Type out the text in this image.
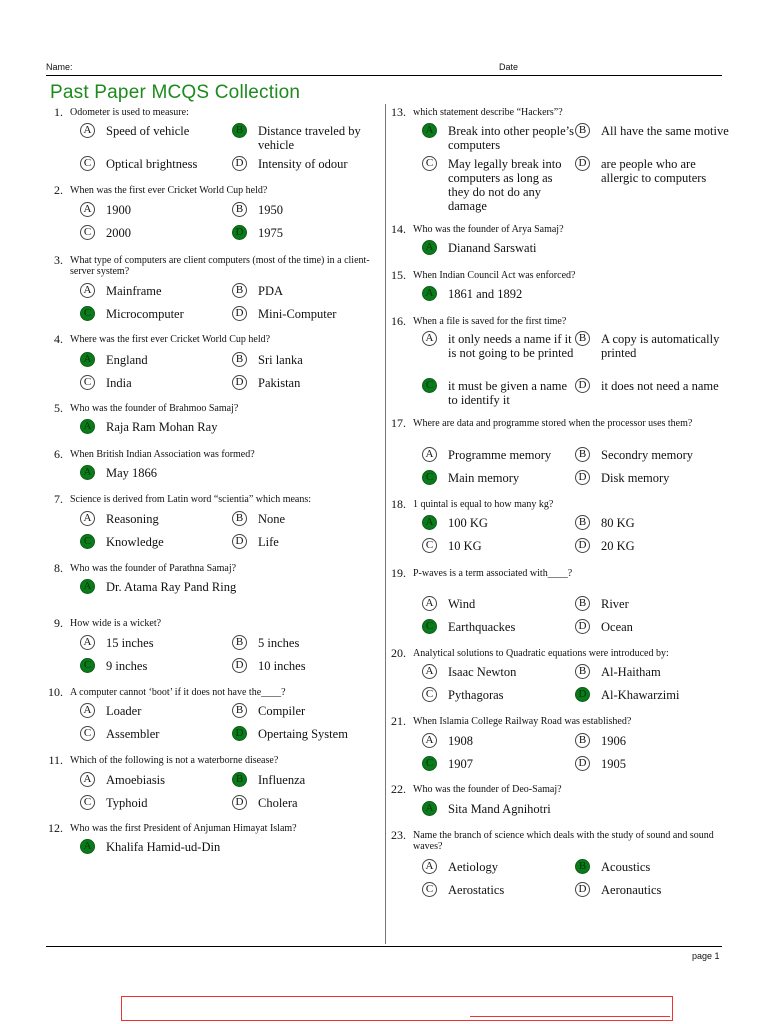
Name:	Date
Past Paper MCQS Collection
1. Odometer is used to measure:
A Speed of vehicle	B	Distance traveled by vehicle
C	Optical brightness	D Intensity of odour
2. When was the first ever Cricket World Cup held?
A 1900	B	1950
C	2000	D 1975
3. What type of computers are client computers (most of the time) in a client-server system?
A Mainframe	B	PDA
C	Microcomputer	D Mini-Computer
4. Where was the first ever Cricket World Cup held?
A England	B	Sri lanka
C	India	D Pakistan
5. Who was the founder of Brahmoo Samaj?
A Raja Ram Mohan Ray
6. When British Indian Association was formed?
A May 1866
7. Science is derived from Latin word “scientia” which means:
A Reasoning	B	None
C	Knowledge	D Life
8. Who was the founder of Parathna Samaj?
A Dr. Atama Ray Pand Ring
9. How wide is a wicket?
A 15 inches	B	5 inches
C	9 inches	D 10 inches
10. A computer cannot ‘boot’ if it does not have the____?
A Loader	B	Compiler
C	Assembler	D Opertaing System
11. Which of the following is not a waterborne disease?
A Amoebiasis	B	Influenza
C	Typhoid	D Cholera
12. Who was the first President of Anjuman Himayat Islam?
A Khalifa Hamid-ud-Din
13. which statement describe “Hackers”?
A Break into other people’s computers
B	All have the same motive
C	May legally break into computers as long as they do not do any damage
D are people who are allergic to computers
14. Who was the founder of Arya Samaj?
A Dianand Sarswati
15. When Indian Council Act was enforced?
A 1861 and 1892
16. When a file is saved for the first time?
A it only needs a name if it is not going to be printed
B	A copy is automatically printed
C	it must be given a name to identify it
D it does not need a name
17. Where are data and programme stored when the processor uses them?
A Programme memory	B	Secondry memory
C	Main memory	D Disk memory
18. 1 quintal is equal to how many kg?
A 100 KG	B	80 KG
C	10 KG	D 20 KG
19. P-waves is a term associated with____?
A Wind	B	River
C	Earthquackes	D Ocean
20. Analytical solutions to Quadratic equations were introduced by:
A Isaac Newton	B	Al-Haitham
C	Pythagoras	D Al-Khawarzimi
21. When Islamia College Railway Road was established?
A 1908	B	1906
C	1907	D 1905
22. Who was the founder of Deo-Samaj?
A Sita Mand Agnihotri
23. Name the branch of science which deals with the study of sound and sound waves?
A Aetiology	B	Acoustics
C	Aerostatics	D Aeronautics
page 1
